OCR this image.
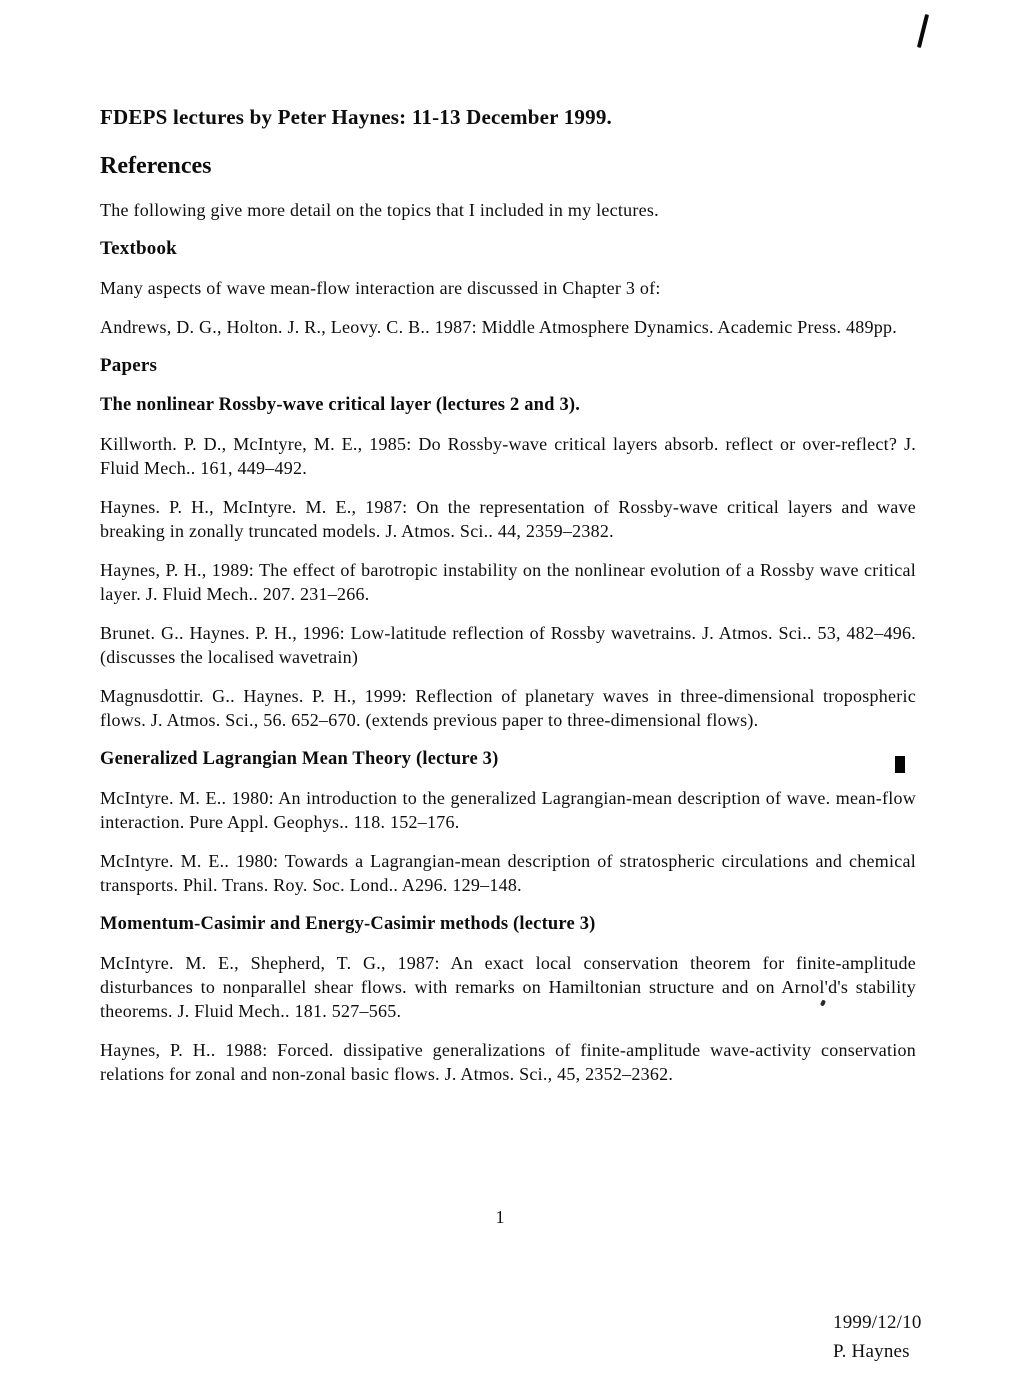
FDEPS lectures by Peter Haynes: 11-13 December 1999.
References

The following give more detail on the topics that I included in my lectures.

Textbook

Many aspects of wave mean-flow interaction are discussed in Chapter 3 of:

Andrews, D. G., Holton. J. R., Leovy. C. B.. 1987: Middle Atmosphere Dynamics. Academic Press. 489pp.

Papers
The nonlinear Rossby-wave critical layer (lectures 2 and 3).

Killworth. P. D., McIntyre, M. E., 1985: Do Rossby-wave critical layers absorb. reflect or over-reflect? J. Fluid Mech.. 161, 449–492.

Haynes. P. H., McIntyre. M. E., 1987: On the representation of Rossby-wave critical layers and wave breaking in zonally truncated models. J. Atmos. Sci.. 44, 2359–2382.

Haynes, P. H., 1989: The effect of barotropic instability on the nonlinear evolution of a Rossby wave critical layer. J. Fluid Mech.. 207. 231–266.

Brunet. G.. Haynes. P. H., 1996: Low-latitude reflection of Rossby wavetrains. J. Atmos. Sci.. 53, 482–496. (discusses the localised wavetrain)

Magnusdottir. G.. Haynes. P. H., 1999: Reflection of planetary waves in three-dimensional tropospheric flows. J. Atmos. Sci., 56. 652–670. (extends previous paper to three-dimensional flows).

Generalized Lagrangian Mean Theory (lecture 3)

McIntyre. M. E.. 1980: An introduction to the generalized Lagrangian-mean description of wave. mean-flow interaction. Pure Appl. Geophys.. 118. 152–176.

McIntyre. M. E.. 1980: Towards a Lagrangian-mean description of stratospheric circulations and chemical transports. Phil. Trans. Roy. Soc. Lond.. A296. 129–148.

Momentum-Casimir and Energy-Casimir methods (lecture 3)

McIntyre. M. E., Shepherd, T. G., 1987: An exact local conservation theorem for finite-amplitude disturbances to nonparallel shear flows. with remarks on Hamiltonian structure and on Arnol'd's stability theorems. J. Fluid Mech.. 181. 527–565.

Haynes, P. H.. 1988: Forced. dissipative generalizations of finite-amplitude wave-activity conservation relations for zonal and non-zonal basic flows. J. Atmos. Sci., 45, 2352–2362.

1
1999/12/10
P. Haynes
